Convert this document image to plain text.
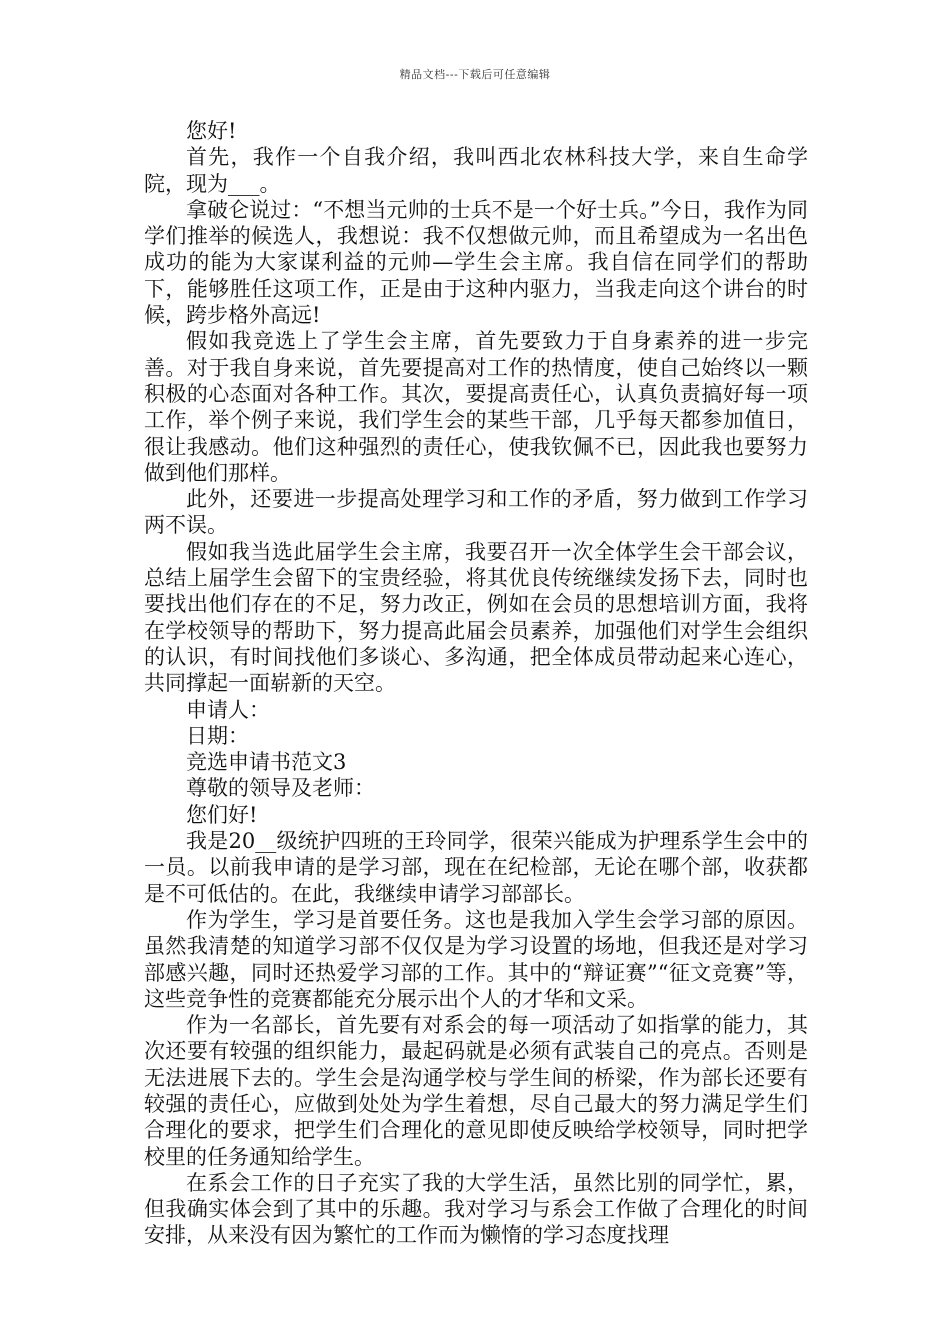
精品文档---下载后可任意编辑

您好!

首先，我作一个自我介绍，我叫西北农林科技大学，来自生命学院，现为___。

拿破仑说过：“不想当元帅的士兵不是一个好士兵。”今日，我作为同学们推举的候选人，我想说：我不仅想做元帅，而且希望成为一名出色成功的能为大家谋利益的元帅—学生会主席。我自信在同学们的帮助下，能够胜任这项工作，正是由于这种内驱力，当我走向这个讲台的时候，跨步格外高远!

假如我竞选上了学生会主席，首先要致力于自身素养的进一步完善。对于我自身来说，首先要提高对工作的热情度，使自己始终以一颗积极的心态面对各种工作。其次，要提高责任心，认真负责搞好每一项工作，举个例子来说，我们学生会的某些干部，几乎每天都参加值日，很让我感动。他们这种强烈的责任心，使我钦佩不已，因此我也要努力做到他们那样。

此外，还要进一步提高处理学习和工作的矛盾，努力做到工作学习两不误。

假如我当选此届学生会主席，我要召开一次全体学生会干部会议，总结上届学生会留下的宝贵经验，将其优良传统继续发扬下去，同时也要找出他们存在的不足，努力改正，例如在会员的思想培训方面，我将在学校领导的帮助下，努力提高此届会员素养，加强他们对学生会组织的认识，有时间找他们多谈心、多沟通，把全体成员带动起来心连心，共同撑起一面崭新的天空。

申请人：

日期：

竞选申请书范文3

尊敬的领导及老师：

您们好!

我是20__级统护四班的王玲同学，很荣兴能成为护理系学生会中的一员。以前我申请的是学习部，现在在纪检部，无论在哪个部，收获都是不可低估的。在此，我继续申请学习部部长。

作为学生，学习是首要任务。这也是我加入学生会学习部的原因。虽然我清楚的知道学习部不仅仅是为学习设置的场地，但我还是对学习部感兴趣，同时还热爱学习部的工作。其中的“辩证赛”“征文竞赛”等，这些竞争性的竞赛都能充分展示出个人的才华和文采。

作为一名部长，首先要有对系会的每一项活动了如指掌的能力，其次还要有较强的组织能力，最起码就是必须有武装自己的亮点。否则是无法进展下去的。学生会是沟通学校与学生间的桥梁，作为部长还要有较强的责任心，应做到处处为学生着想，尽自己最大的努力满足学生们合理化的要求，把学生们合理化的意见即使反映给学校领导，同时把学校里的任务通知给学生。

在系会工作的日子充实了我的大学生活，虽然比别的同学忙，累，但我确实体会到了其中的乐趣。我对学习与系会工作做了合理化的时间安排，从来没有因为繁忙的工作而为懒惰的学习态度找理
